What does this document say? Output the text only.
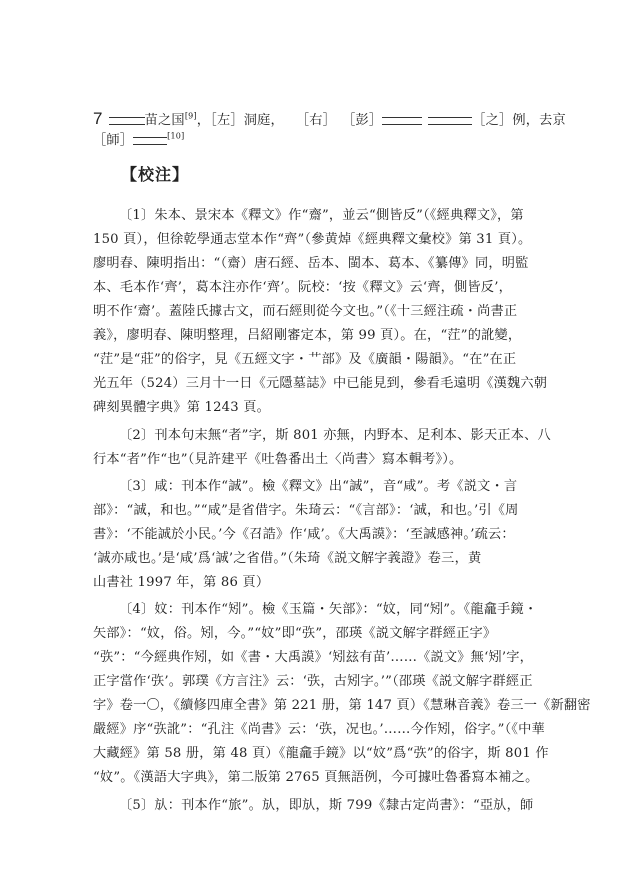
7	苗之国[9]，［左］洞庭， ［右］ ［彭］	［之］例，去京
［師］	[10]
【校注】
〔1〕朱本、景宋本《釋文》作“齋”，並云“側皆反”（《經典釋文》，第
150 頁），但徐乾學通志堂本作“齊”（參黄焯《經典釋文彙校》第 31 頁）。
廖明春、陳明指出：“（齋）唐石經、岳本、閩本、葛本、《纂傳》同，明監
本、毛本作‘齊’，葛本注亦作‘齊’。阮校：‘按《釋文》云‘齊，側皆反’，
明不作‘齋’。蓋陸氏據古文，而石經則從今文也。”（《十三經注疏・尚書正
義》，廖明春、陳明整理，吕紹剛審定本，第 99 頁）。在，“茳”的訛變，
“茳”是“莊”的俗字，見《五經文字・艹部》及《廣韻・陽韻》。“在”在正
光五年（524）三月十一日《元隱墓誌》中已能見到，參看毛遠明《漢魏六朝
碑刻異體字典》第 1243 頁。
〔2〕刊本句末無“者”字，斯 801 亦無，内野本、足利本、影天正本、八
行本“者”作“也”（見許建平《吐魯番出土〈尚書〉寫本輯考》）。
〔3〕咸：刊本作“誠”。檢《釋文》出“誠”，音“咸”。考《説文・言
部》：“誠，和也。”“咸”是省借字。朱琦云：“《言部》：‘誠，和也。’引《周
書》：‘不能誠於小民。’今《召誥》作‘咸’。《大禹謨》：‘至誠感神。’疏云：
‘誠亦咸也。’是‘咸’爲‘誠’之省借。”（朱琦《説文解字義證》卷三，黄
山書社 1997 年，第 86 頁）
〔4〕妏：刊本作“矧”。檢《玉篇・矢部》：“妏，同“矧”。《龍龕手鏡・
矢部》：“妏，俗。矧，今。”“妏”即“矤”，邵瑛《説文解字群經正字》
“矤”：“今經典作矧，如《書・大禹謨》‘矧玆有苗’……《説文》無‘矧’字，
正字當作‘矤’。郭璞《方言注》云：‘矤，古矧字。’”（邵瑛《説文解字群經正
字》卷一〇，《續修四庫全書》第 221 册，第 147 頁）《慧琳音義》卷三一《新翻密
嚴經》序“矤訛”：“孔注《尚書》云：‘矤，况也。’……今作矧，俗字。”（《中華
大藏經》第 58 册，第 48 頁）《龍龕手鏡》以“妏”爲“矤”的俗字，斯 801 作
“妏”。《漢語大字典》，第二版第 2765 頁無語例，今可據吐魯番寫本補之。
〔5〕㫃：刊本作“旅”。㫃，即㫃，斯 799《隸古定尚書》：“亞㫃，師
